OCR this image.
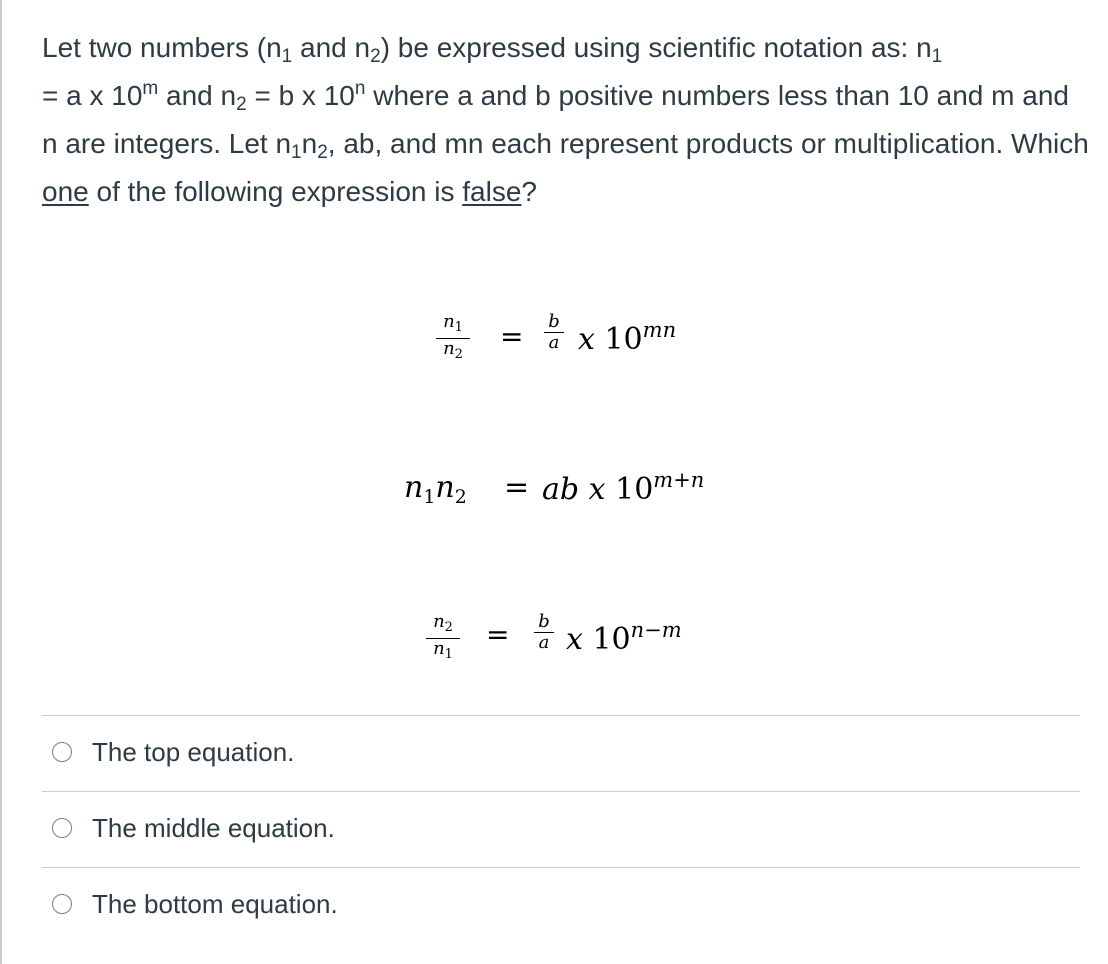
Let two numbers ($n_1$ and $n_2$) be expressed using scientific notation as: $n_1$
= a x 10$^m$ and $n_2 = b$ x 10$^n$ where a and b positive numbers less than 10 and m and n are integers. Let $n_1n_2$, ab, and mn each represent products or multiplication. Which one of the following expression is false?
$n_1$
$n_2$
= b
a x $10^{mn}$
$n_1n_2$ = ab x $10^{m+n}$
$n_2$
$n_1$
= b
a x $10^{n-m}$
The top equation.
The middle equation.
The bottom equation.
